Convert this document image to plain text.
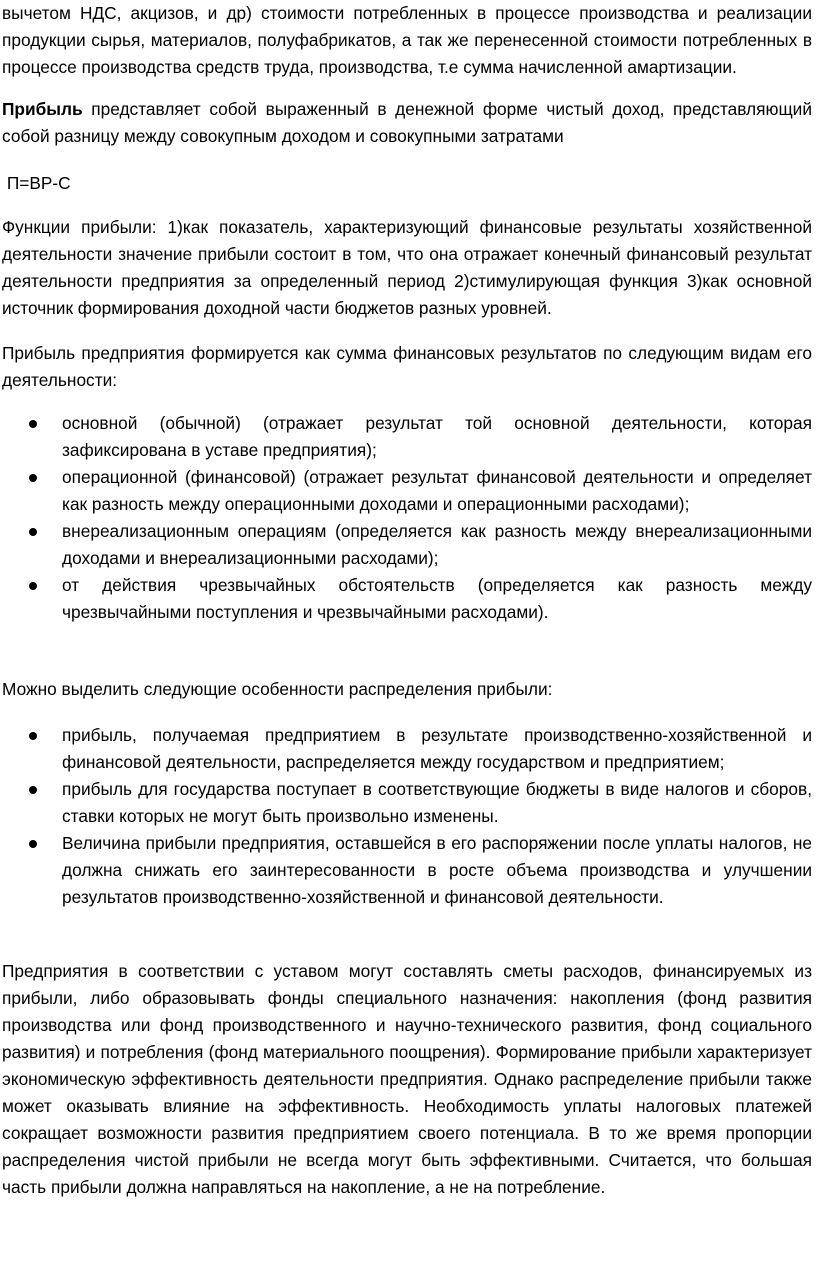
вычетом НДС, акцизов, и др) стоимости потребленных в процессе производства и реализации продукции сырья, материалов, полуфабрикатов, а так же перенесенной стоимости потребленных в процессе производства средств труда, производства, т.е сумма начисленной амартизации.

Прибыль представляет собой выраженный в денежной форме чистый доход, представляющий собой разницу между совокупным доходом и совокупными затратами

П=ВР-С

Функции прибыли: 1)как показатель, характеризующий финансовые результаты хозяйственной деятельности значение прибыли состоит в том, что она отражает конечный финансовый результат деятельности предприятия за определенный период 2)стимулирующая функция 3)как основной источник формирования доходной части бюджетов разных уровней.

Прибыль предприятия формируется как сумма финансовых результатов по следующим видам его деятельности:

основной (обычной) (отражает результат той основной деятельности, которая зафиксирована в уставе предприятия);
операционной (финансовой) (отражает результат финансовой деятельности и определяет как разность между операционными доходами и операционными расходами);
внереализационным операциям (определяется как разность между внереализационными доходами и внереализационными расходами);
от действия чрезвычайных обстоятельств (определяется как разность между чрезвычайными поступления и чрезвычайными расходами).

Можно выделить следующие особенности распределения прибыли:

прибыль, получаемая предприятием в результате производственно-хозяйственной и финансовой деятельности, распределяется между государством и предприятием;
прибыль для государства поступает в соответствующие бюджеты в виде налогов и сборов, ставки которых не могут быть произвольно изменены.
Величина прибыли предприятия, оставшейся в его распоряжении после уплаты налогов, не должна снижать его заинтересованности в росте объема производства и улучшении результатов производственно-хозяйственной и финансовой деятельности.

Предприятия в соответствии с уставом могут составлять сметы расходов, финансируемых из прибыли, либо образовывать фонды специального назначения: накопления (фонд развития производства или фонд производственного и научно-технического развития, фонд социального развития) и потребления (фонд материального поощрения). Формирование прибыли характеризует экономическую эффективность деятельности предприятия. Однако распределение прибыли также может оказывать влияние на эффективность. Необходимость уплаты налоговых платежей сокращает возможности развития предприятием своего потенциала. В то же время пропорции распределения чистой прибыли не всегда могут быть эффективными. Считается, что большая часть прибыли должна направляться на накопление, а не на потребление.
